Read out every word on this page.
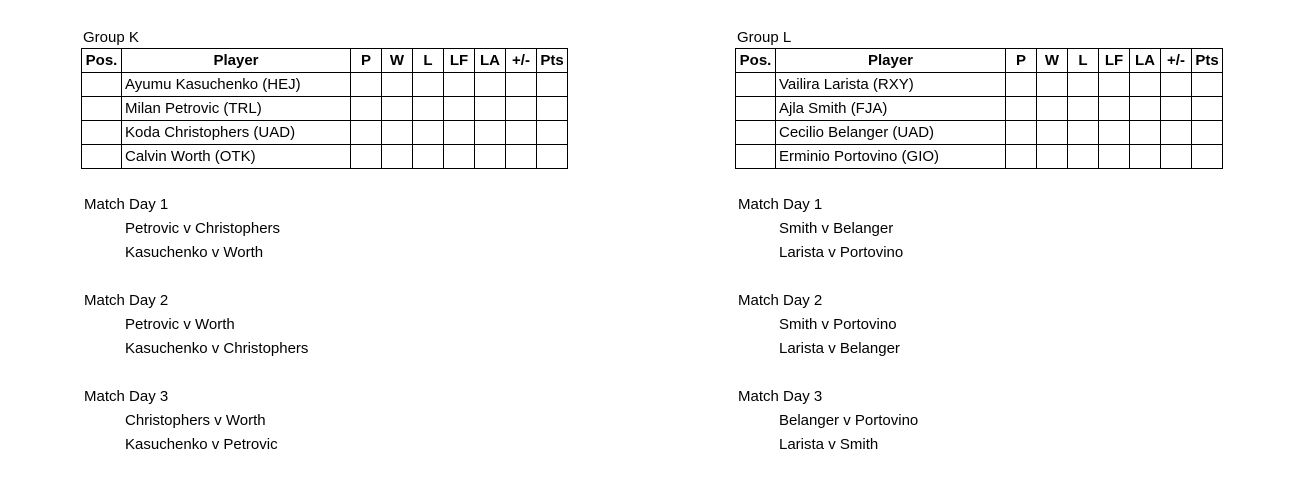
Group K
Pos.	Player	P	W	L	LF	LA	+/-	Pts
	Ayumu Kasuchenko (HEJ)							
	Milan Petrovic (TRL)							
	Koda Christophers (UAD)							
	Calvin Worth (OTK)							
Match Day 1
Petrovic v Christophers
Kasuchenko v Worth
Match Day 2
Petrovic v Worth
Kasuchenko v Christophers
Match Day 3
Christophers v Worth
Kasuchenko v Petrovic
Group L
Pos.	Player	P	W	L	LF	LA	+/-	Pts
	Vailira Larista (RXY)							
	Ajla Smith (FJA)							
	Cecilio Belanger (UAD)							
	Erminio Portovino (GIO)							
Match Day 1
Smith v Belanger
Larista v Portovino
Match Day 2
Smith v Portovino
Larista v Belanger
Match Day 3
Belanger v Portovino
Larista v Smith
